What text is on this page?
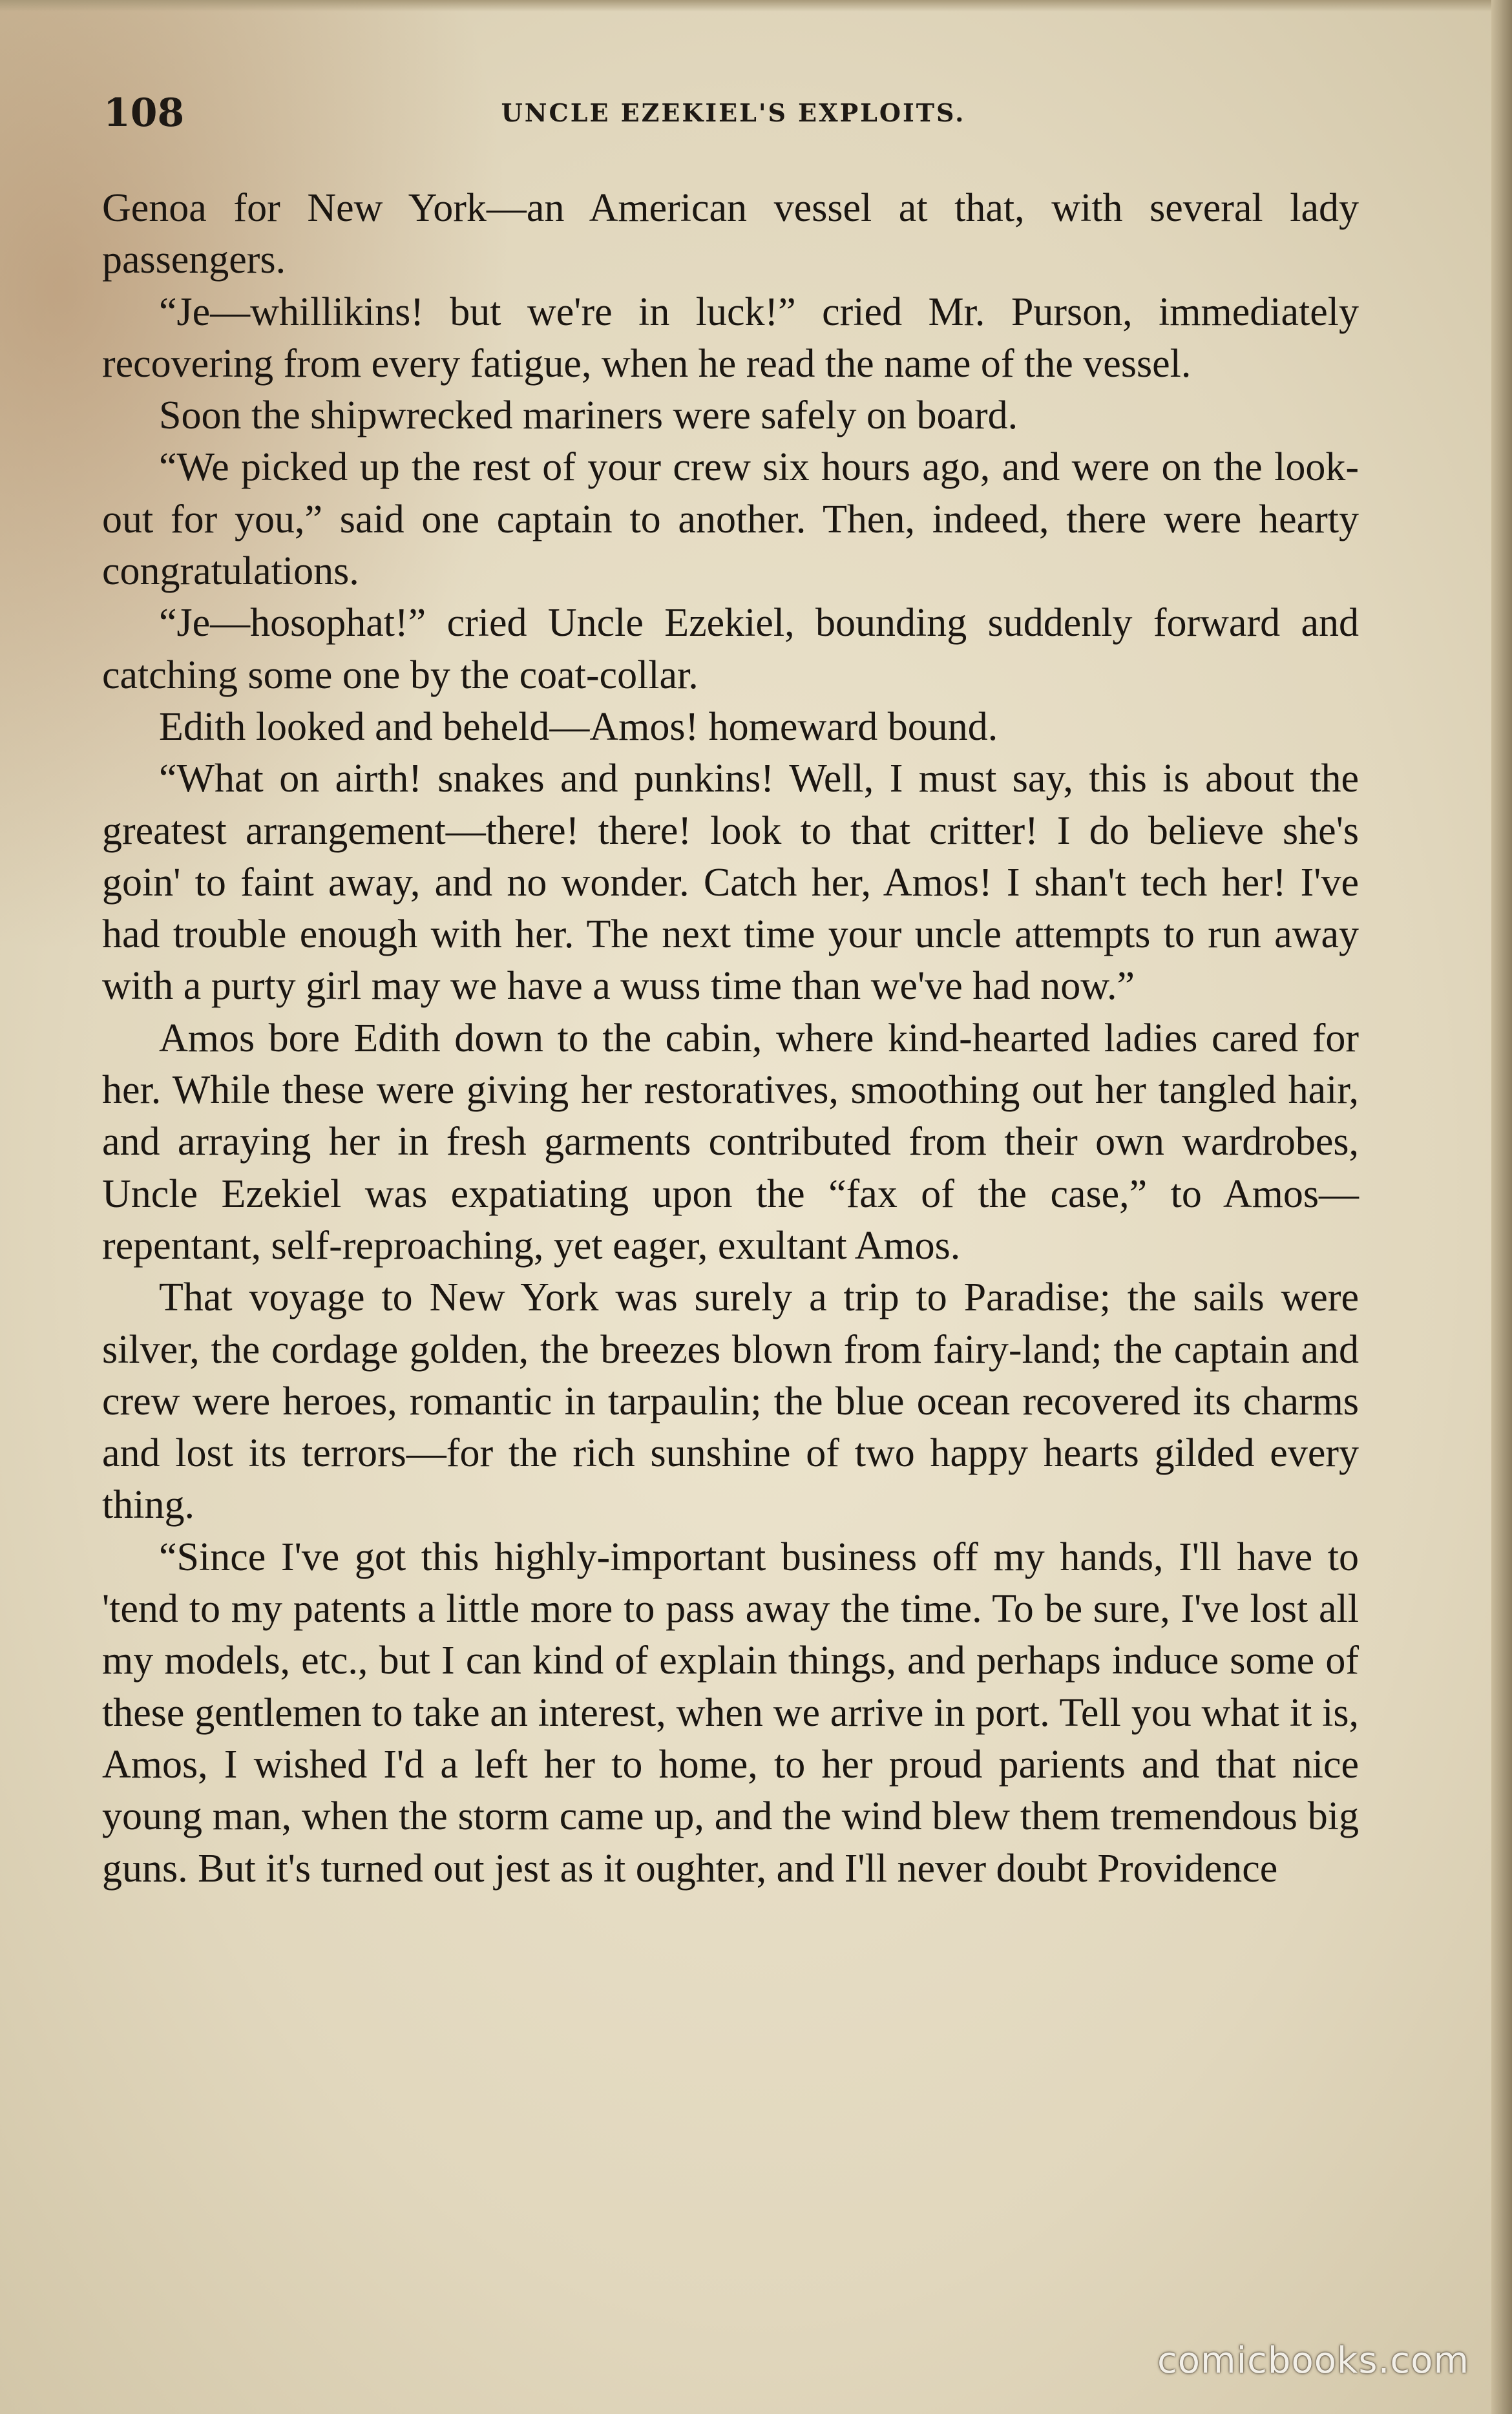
UNCLE EZEKIEL'S EXPLOITS.
108

Genoa for New York—an American vessel at that, with several lady passengers.

“Je—whillikins! but we're in luck!” cried Mr. Purson, immediately recovering from every fatigue, when he read the name of the vessel.

Soon the shipwrecked mariners were safely on board.

“We picked up the rest of your crew six hours ago, and were on the look-out for you,” said one captain to another. Then, indeed, there were hearty congratulations.

“Je—hosophat!” cried Uncle Ezekiel, bounding suddenly forward and catching some one by the coat-collar.

Edith looked and beheld—Amos! homeward bound.

“What on airth! snakes and punkins! Well, I must say, this is about the greatest arrangement—there! there! look to that critter! I do believe she's goin' to faint away, and no wonder. Catch her, Amos! I shan't tech her! I've had trouble enough with her. The next time your uncle attempts to run away with a purty girl may we have a wuss time than we've had now.”

Amos bore Edith down to the cabin, where kind-hearted ladies cared for her. While these were giving her restoratives, smoothing out her tangled hair, and arraying her in fresh garments contributed from their own wardrobes, Uncle Ezekiel was expatiating upon the “fax of the case,” to Amos—repentant, self-reproaching, yet eager, exultant Amos.

That voyage to New York was surely a trip to Paradise; the sails were silver, the cordage golden, the breezes blown from fairy-land; the captain and crew were heroes, romantic in tarpaulin; the blue ocean recovered its charms and lost its terrors—for the rich sunshine of two happy hearts gilded every thing.

“Since I've got this highly-important business off my hands, I'll have to 'tend to my patents a little more to pass away the time. To be sure, I've lost all my models, etc., but I can kind of explain things, and perhaps induce some of these gentlemen to take an interest, when we arrive in port. Tell you what it is, Amos, I wished I'd a left her to home, to her proud parients and that nice young man, when the storm came up, and the wind blew them tremendous big guns. But it's turned out jest as it oughter, and I'll never doubt Providence

comicbooks.com
